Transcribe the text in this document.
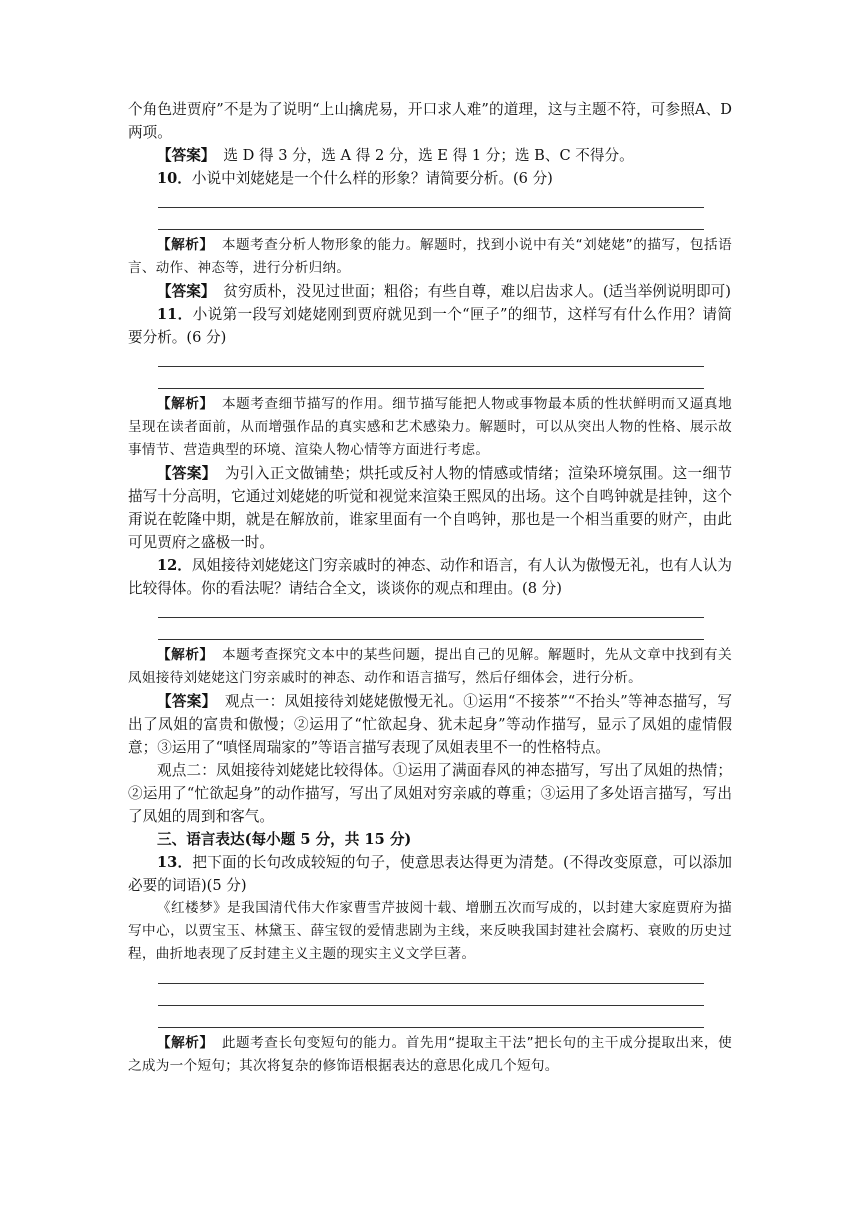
个角色进贾府”不是为了说明“上山擒虎易，开口求人难”的道理，这与主题不符，可参照A、D两项。

【答案】 选 D 得 3 分，选 A 得 2 分，选 E 得 1 分；选 B、C 不得分。

10．小说中刘姥姥是一个什么样的形象？请简要分析。(6 分)

【解析】 本题考查分析人物形象的能力。解题时，找到小说中有关“刘姥姥”的描写，包括语言、动作、神态等，进行分析归纳。

【答案】 贫穷质朴，没见过世面；粗俗；有些自尊，难以启齿求人。(适当举例说明即可)

11．小说第一段写刘姥姥刚到贾府就见到一个“匣子”的细节，这样写有什么作用？请简要分析。(6 分)

【解析】 本题考查细节描写的作用。细节描写能把人物或事物最本质的性状鲜明而又逼真地呈现在读者面前，从而增强作品的真实感和艺术感染力。解题时，可以从突出人物的性格、展示故事情节、营造典型的环境、渲染人物心情等方面进行考虑。

【答案】 为引入正文做铺垫；烘托或反衬人物的情感或情绪；渲染环境氛围。这一细节描写十分高明，它通过刘姥姥的听觉和视觉来渲染王熙凤的出场。这个自鸣钟就是挂钟，这个甭说在乾隆中期，就是在解放前，谁家里面有一个自鸣钟，那也是一个相当重要的财产，由此可见贾府之盛极一时。

12．凤姐接待刘姥姥这门穷亲戚时的神态、动作和语言，有人认为傲慢无礼，也有人认为比较得体。你的看法呢？请结合全文，谈谈你的观点和理由。(8 分)

【解析】 本题考查探究文本中的某些问题，提出自己的见解。解题时，先从文章中找到有关凤姐接待刘姥姥这门穷亲戚时的神态、动作和语言描写，然后仔细体会，进行分析。

【答案】 观点一：凤姐接待刘姥姥傲慢无礼。①运用“不接茶”“不抬头”等神态描写，写出了凤姐的富贵和傲慢；②运用了“忙欲起身、犹未起身”等动作描写，显示了凤姐的虚情假意；③运用了“嗔怪周瑞家的”等语言描写表现了凤姐表里不一的性格特点。

观点二：凤姐接待刘姥姥比较得体。①运用了满面春风的神态描写，写出了凤姐的热情；②运用了“忙欲起身”的动作描写，写出了凤姐对穷亲戚的尊重；③运用了多处语言描写，写出了凤姐的周到和客气。

三、语言表达(每小题 5 分，共 15 分)

13．把下面的长句改成较短的句子，使意思表达得更为清楚。(不得改变原意，可以添加必要的词语)(5 分)

《红楼梦》是我国清代伟大作家曹雪芹披阅十载、增删五次而写成的，以封建大家庭贾府为描写中心，以贾宝玉、林黛玉、薛宝钗的爱情悲剧为主线，来反映我国封建社会腐朽、衰败的历史过程，曲折地表现了反封建主义主题的现实主义文学巨著。

【解析】 此题考查长句变短句的能力。首先用“提取主干法”把长句的主干成分提取出来，使之成为一个短句；其次将复杂的修饰语根据表达的意思化成几个短句。
